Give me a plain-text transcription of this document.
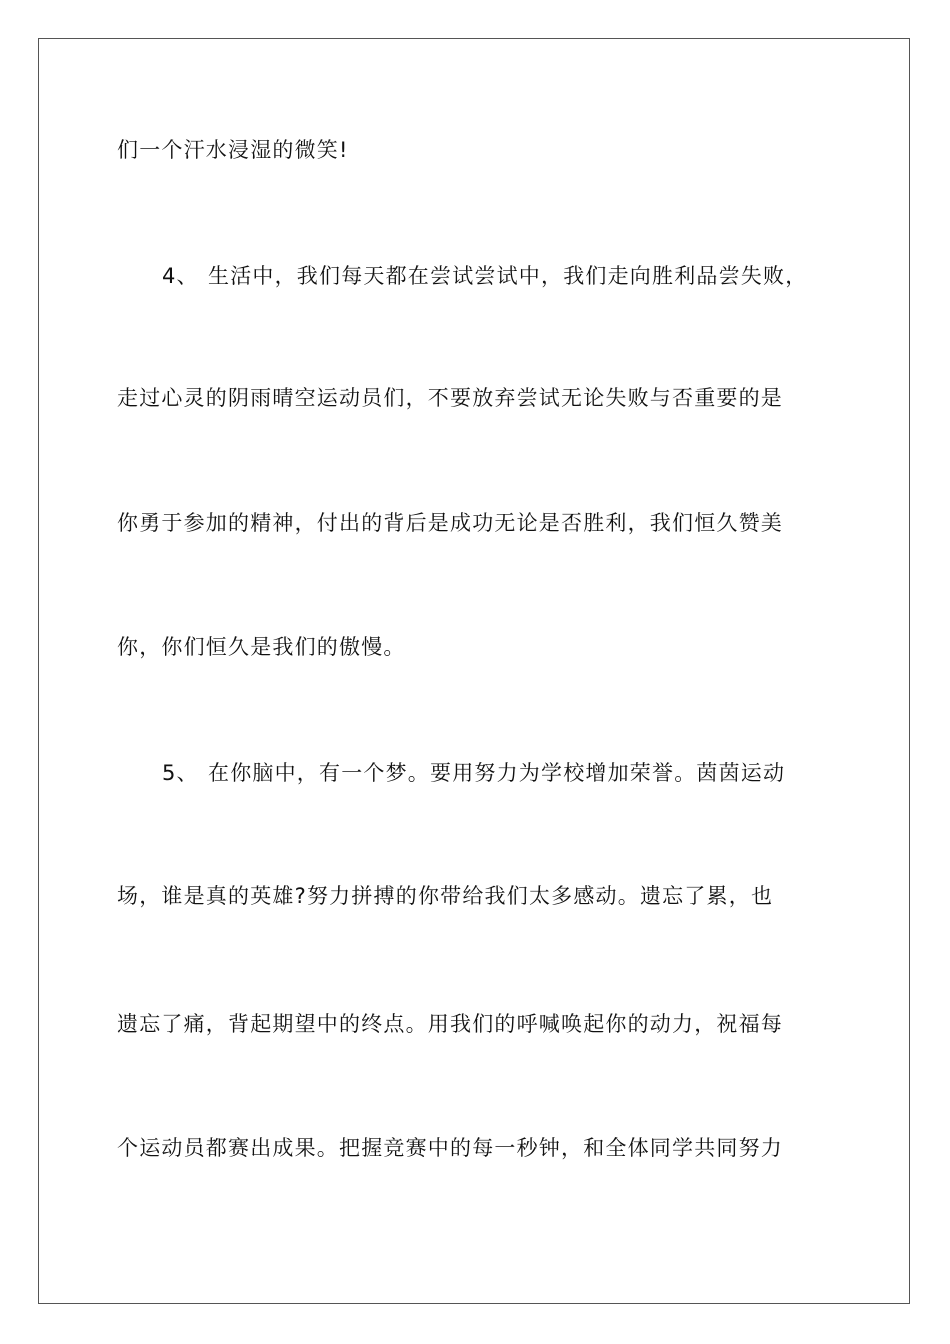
们一个汗水浸湿的微笑!
4、 生活中，我们每天都在尝试尝试中，我们走向胜利品尝失败，
走过心灵的阴雨晴空运动员们，不要放弃尝试无论失败与否重要的是
你勇于参加的精神，付出的背后是成功无论是否胜利，我们恒久赞美
你，你们恒久是我们的傲慢。
5、 在你脑中，有一个梦。要用努力为学校增加荣誉。茵茵运动
场，谁是真的英雄?努力拼搏的你带给我们太多感动。遗忘了累，也
遗忘了痛，背起期望中的终点。用我们的呼喊唤起你的动力，祝福每
个运动员都赛出成果。把握竞赛中的每一秒钟，和全体同学共同努力
